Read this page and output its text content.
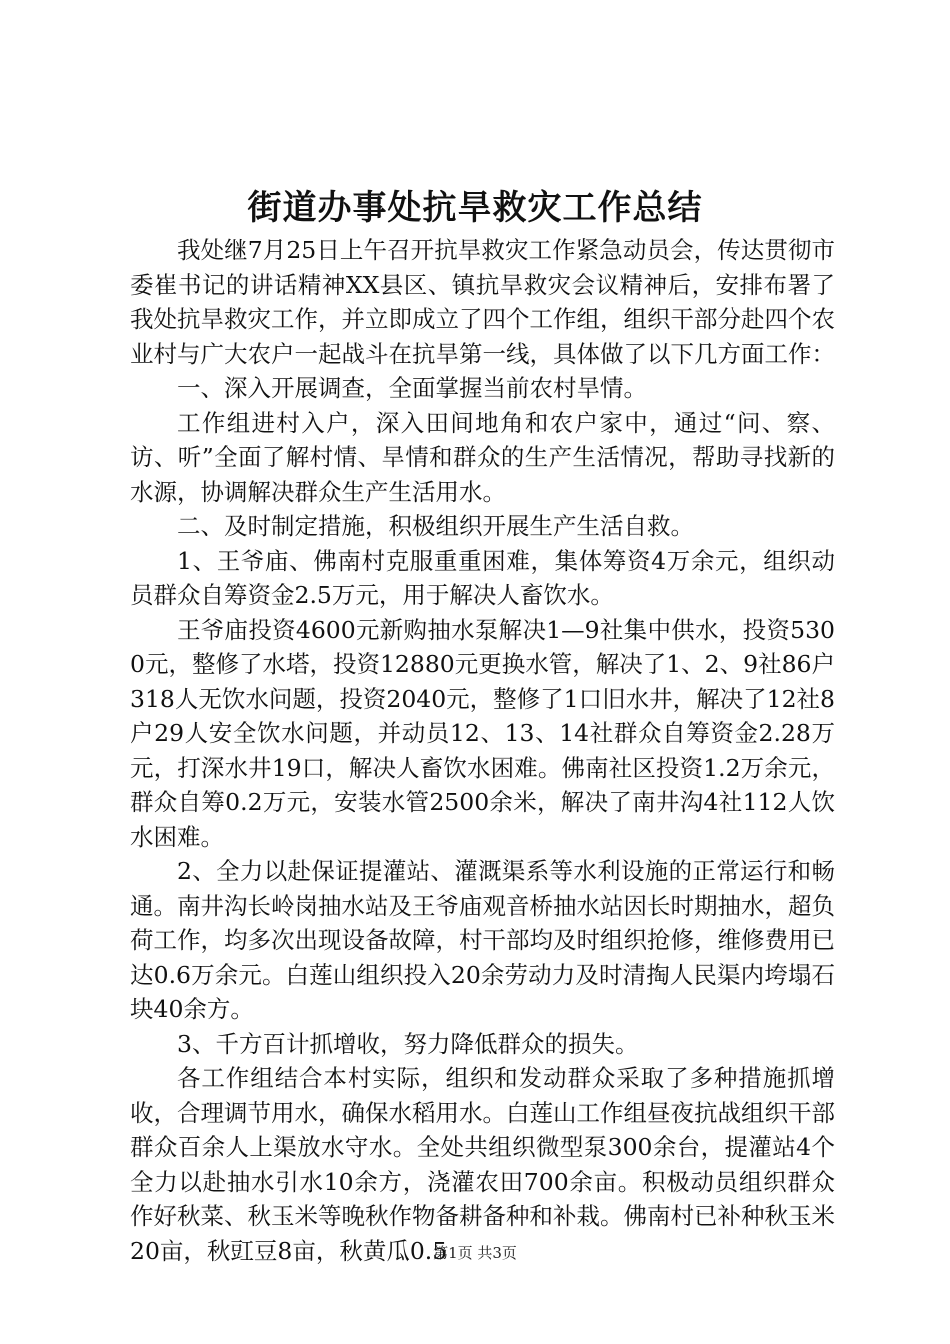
街道办事处抗旱救灾工作总结

我处继7月25日上午召开抗旱救灾工作紧急动员会，传达贯彻市委崔书记的讲话精神XX县区、镇抗旱救灾会议精神后，安排布署了我处抗旱救灾工作，并立即成立了四个工作组，组织干部分赴四个农业村与广大农户一起战斗在抗旱第一线，具体做了以下几方面工作：

一、深入开展调查，全面掌握当前农村旱情。

工作组进村入户，深入田间地角和农户家中，通过“问、察、访、听”全面了解村情、旱情和群众的生产生活情况，帮助寻找新的水源，协调解决群众生产生活用水。

二、及时制定措施，积极组织开展生产生活自救。

1、王爷庙、佛南村克服重重困难，集体筹资4万余元，组织动员群众自筹资金2.5万元，用于解决人畜饮水。

王爷庙投资4600元新购抽水泵解决1—9社集中供水，投资5300元，整修了水塔，投资12880元更换水管，解决了1、2、9社86户318人无饮水问题，投资2040元，整修了1口旧水井，解决了12社8户29人安全饮水问题，并动员12、13、14社群众自筹资金2.28万元，打深水井19口，解决人畜饮水困难。佛南社区投资1.2万余元，群众自筹0.2万元，安装水管2500余米，解决了南井沟4社112人饮水困难。

2、全力以赴保证提灌站、灌溉渠系等水利设施的正常运行和畅通。南井沟长岭岗抽水站及王爷庙观音桥抽水站因长时期抽水，超负荷工作，均多次出现设备故障，村干部均及时组织抢修，维修费用已达0.6万余元。白莲山组织投入20余劳动力及时清掏人民渠内垮塌石块40余方。

3、千方百计抓增收，努力降低群众的损失。

各工作组结合本村实际，组织和发动群众采取了多种措施抓增收，合理调节用水，确保水稻用水。白莲山工作组昼夜抗战组织干部群众百余人上渠放水守水。全处共组织微型泵300余台，提灌站4个全力以赴抽水引水10余方，浇灌农田700余亩。积极动员组织群众作好秋菜、秋玉米等晚秋作物备耕备种和补栽。佛南村已补种秋玉米20亩，秋豇豆8亩，秋黄瓜0.5

第1页 共3页
